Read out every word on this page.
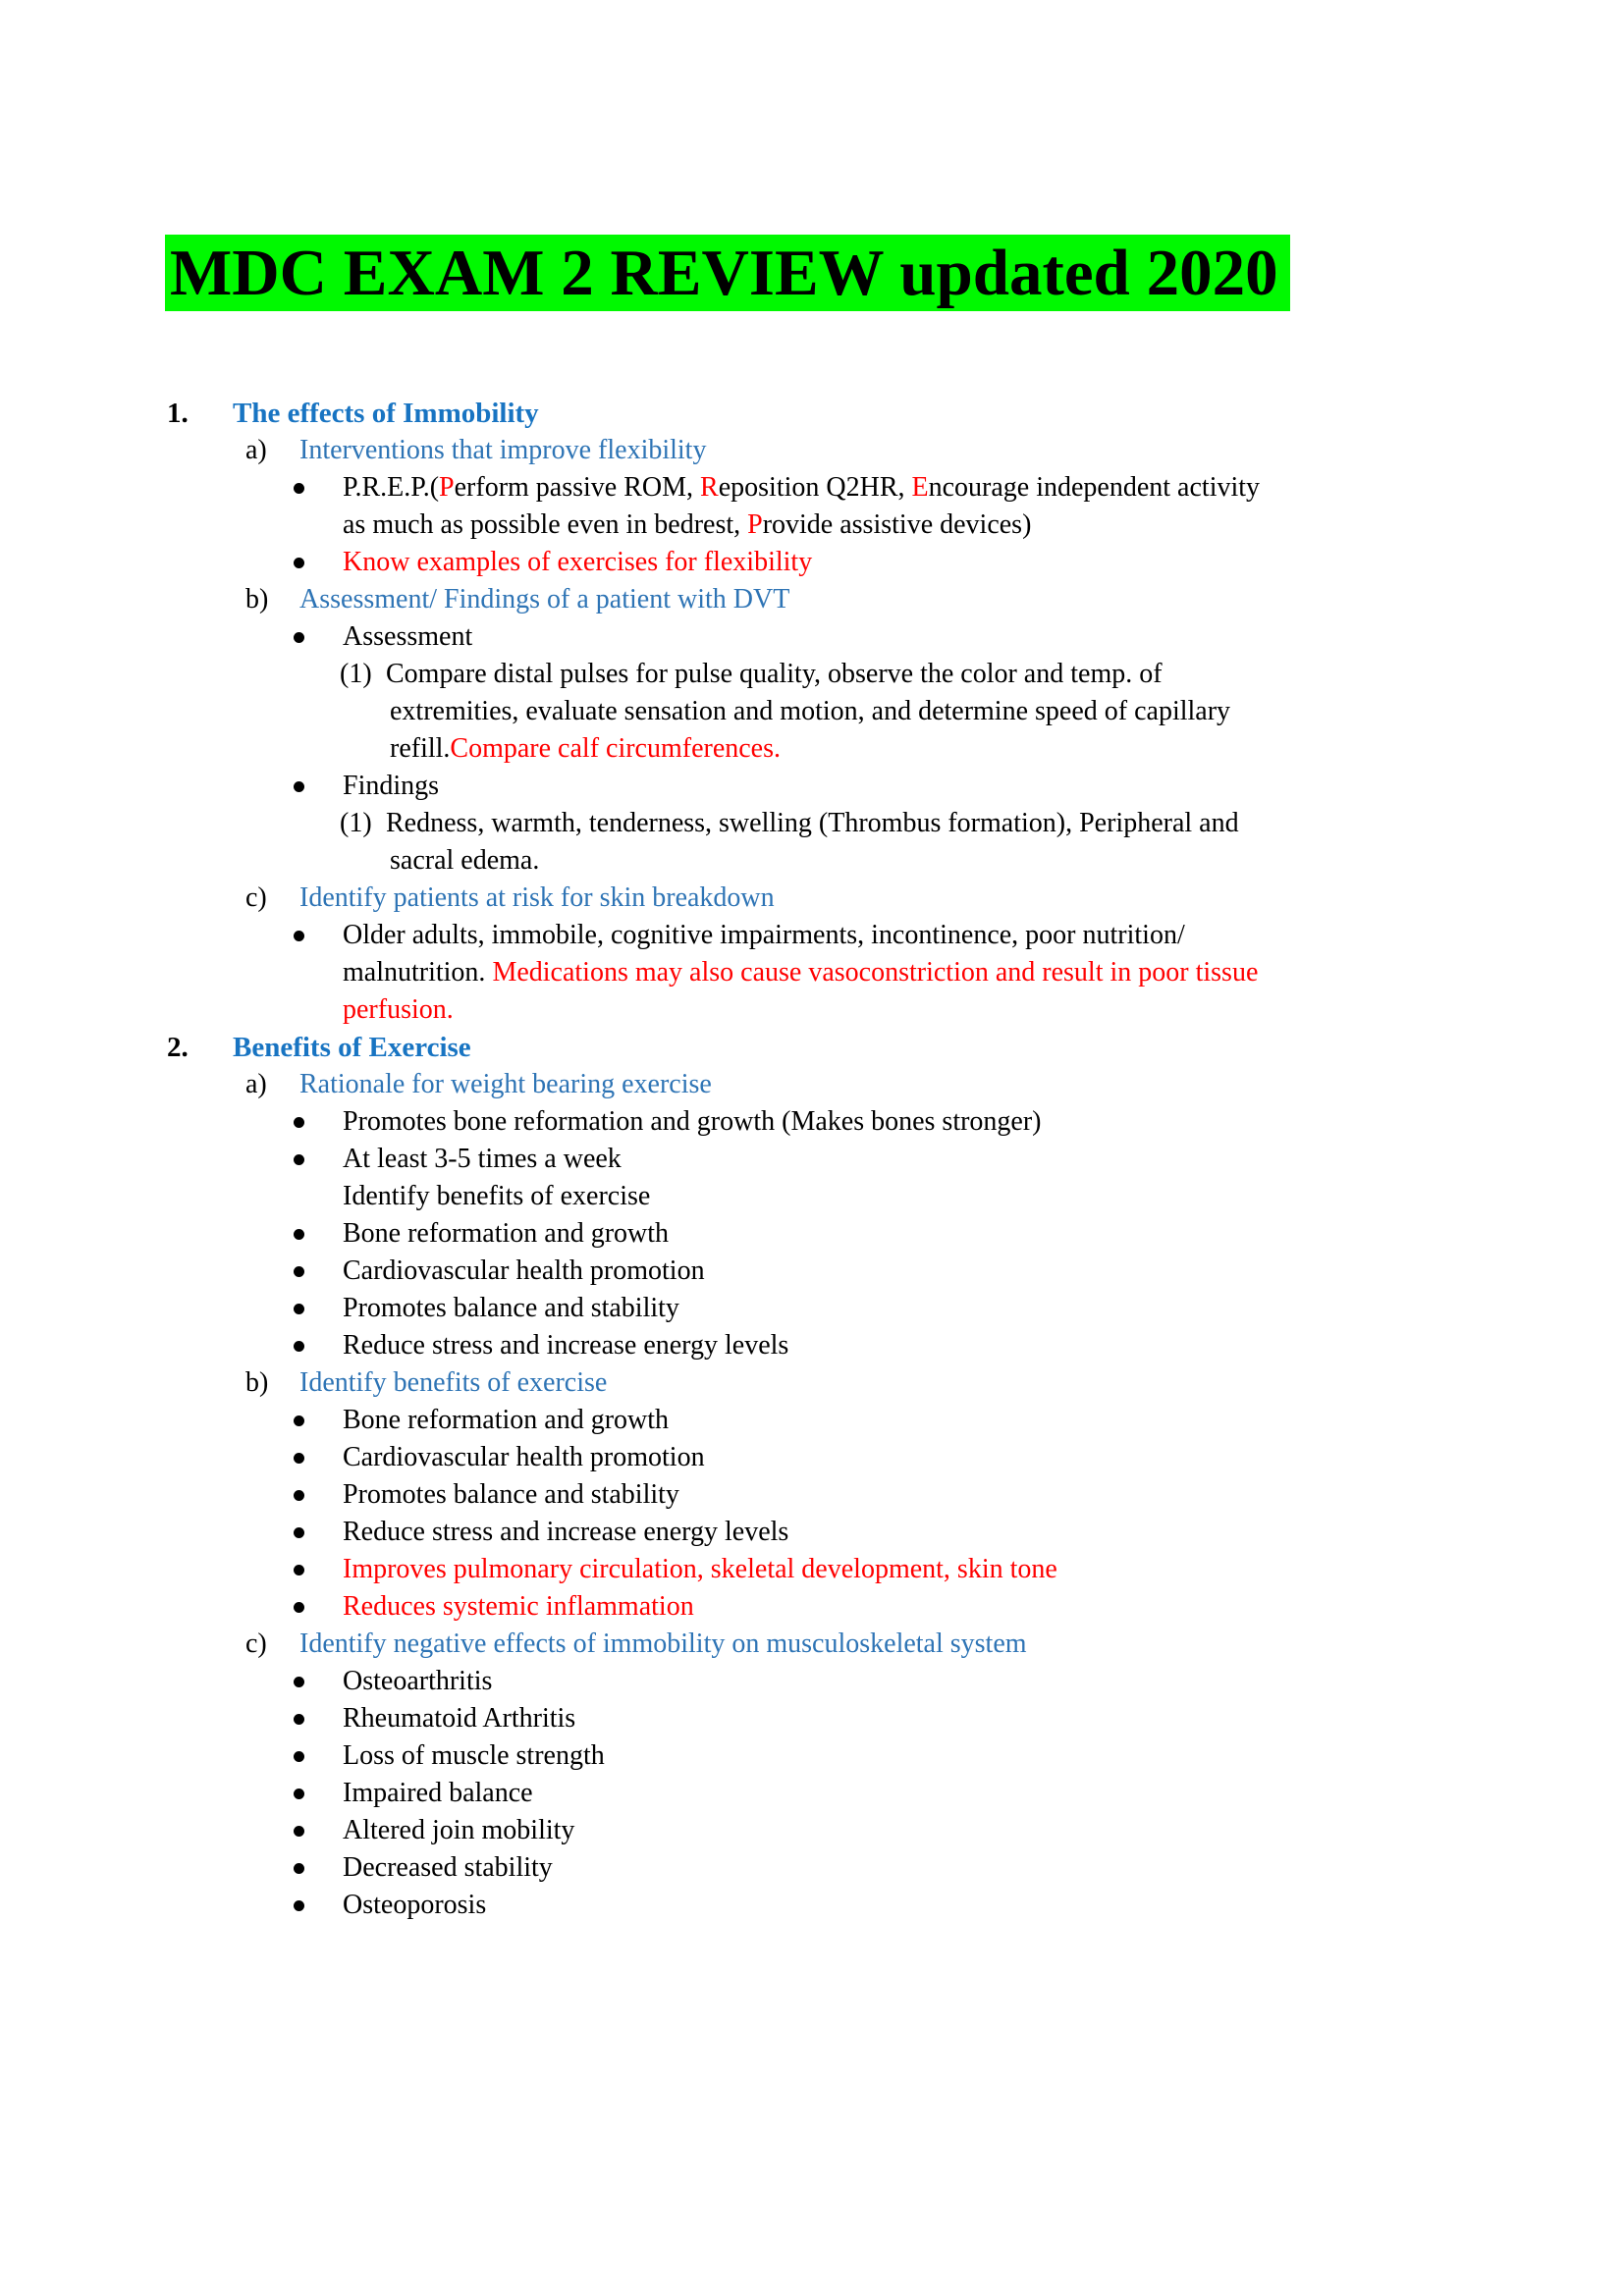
MDC EXAM 2 REVIEW updated 2020
1. The effects of Immobility
a) Interventions that improve flexibility
P.R.E.P.(Perform passive ROM, Reposition Q2HR, Encourage independent activity
as much as possible even in bedrest, Provide assistive devices)
Know examples of exercises for flexibility
b) Assessment/ Findings of a patient with DVT
Assessment
(1) Compare distal pulses for pulse quality, observe the color and temp. of
extremities, evaluate sensation and motion, and determine speed of capillary
refill.Compare calf circumferences.
Findings
(1) Redness, warmth, tenderness, swelling (Thrombus formation), Peripheral and
sacral edema.
c) Identify patients at risk for skin breakdown
Older adults, immobile, cognitive impairments, incontinence, poor nutrition/
malnutrition. Medications may also cause vasoconstriction and result in poor tissue
perfusion.
2. Benefits of Exercise
a) Rationale for weight bearing exercise
Promotes bone reformation and growth (Makes bones stronger)
At least 3-5 times a week
Identify benefits of exercise
Bone reformation and growth
Cardiovascular health promotion
Promotes balance and stability
Reduce stress and increase energy levels
b) Identify benefits of exercise
Bone reformation and growth
Cardiovascular health promotion
Promotes balance and stability
Reduce stress and increase energy levels
Improves pulmonary circulation, skeletal development, skin tone
Reduces systemic inflammation
c) Identify negative effects of immobility on musculoskeletal system
Osteoarthritis
Rheumatoid Arthritis
Loss of muscle strength
Impaired balance
Altered join mobility
Decreased stability
Osteoporosis
